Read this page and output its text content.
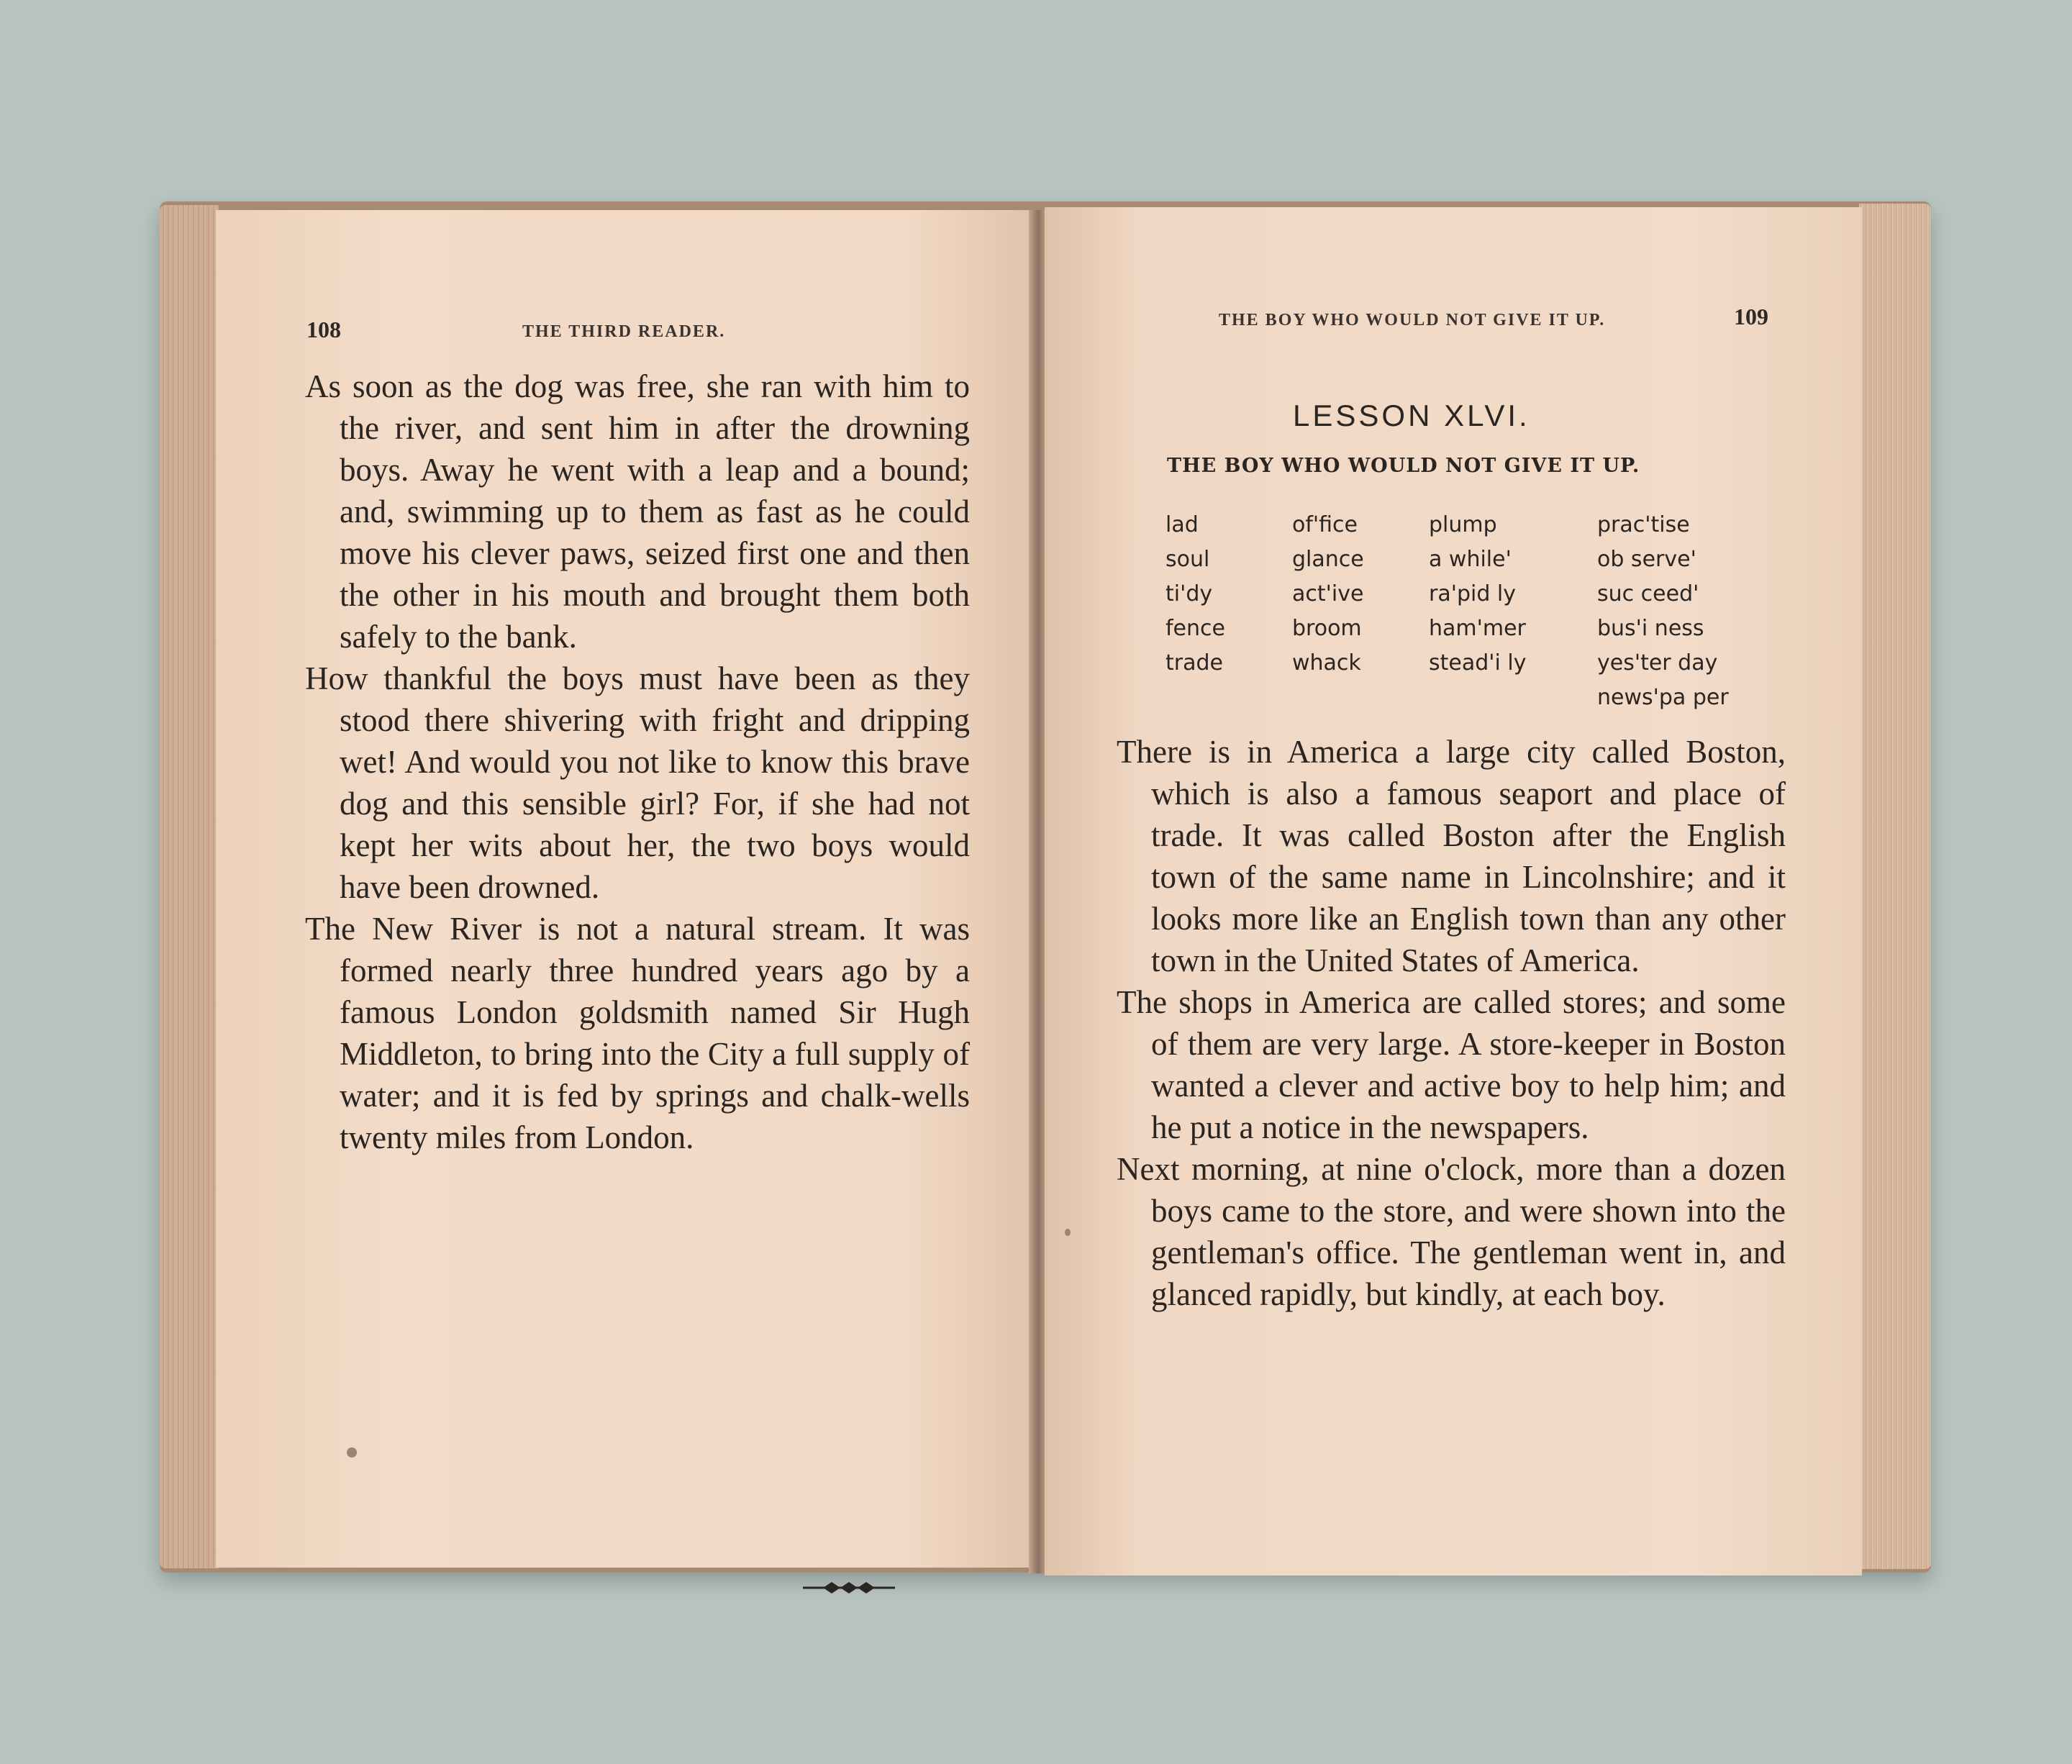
108	THE THIRD READER.

As soon as the dog was free, she ran with him to the river, and sent him in after the drowning boys. Away he went with a leap and a bound; and, swimming up to them as fast as he could move his clever paws, seized first one and then the other in his mouth and brought them both safely to the bank.

How thankful the boys must have been as they stood there shivering with fright and dripping wet! And would you not like to know this brave dog and this sensible girl? For, if she had not kept her wits about her, the two boys would have been drowned.

The New River is not a natural stream. It was formed nearly three hundred years ago by a famous London goldsmith named Sir Hugh Middleton, to bring into the City a full supply of water; and it is fed by springs and chalk-wells twenty miles from London.

THE BOY WHO WOULD NOT GIVE IT UP.	109
LESSON XLVI.
THE BOY WHO WOULD NOT GIVE IT UP.
lad
soul
ti'dy
fence
trade
of'fice
glance
act'ive
broom
whack
plump
a while'
ra'pid ly
ham'mer
stead'i ly
prac'tise
ob serve'
suc ceed'
bus'i ness
yes'ter day
news'pa per

There is in America a large city called Boston, which is also a famous seaport and place of trade. It was called Boston after the English town of the same name in Lincolnshire; and it looks more like an English town than any other town in the United States of America.

The shops in America are called stores; and some of them are very large. A store-keeper in Boston wanted a clever and active boy to help him; and he put a notice in the newspapers.

Next morning, at nine o'clock, more than a dozen boys came to the store, and were shown into the gentleman's office. The gentleman went in, and glanced rapidly, but kindly, at each boy.
